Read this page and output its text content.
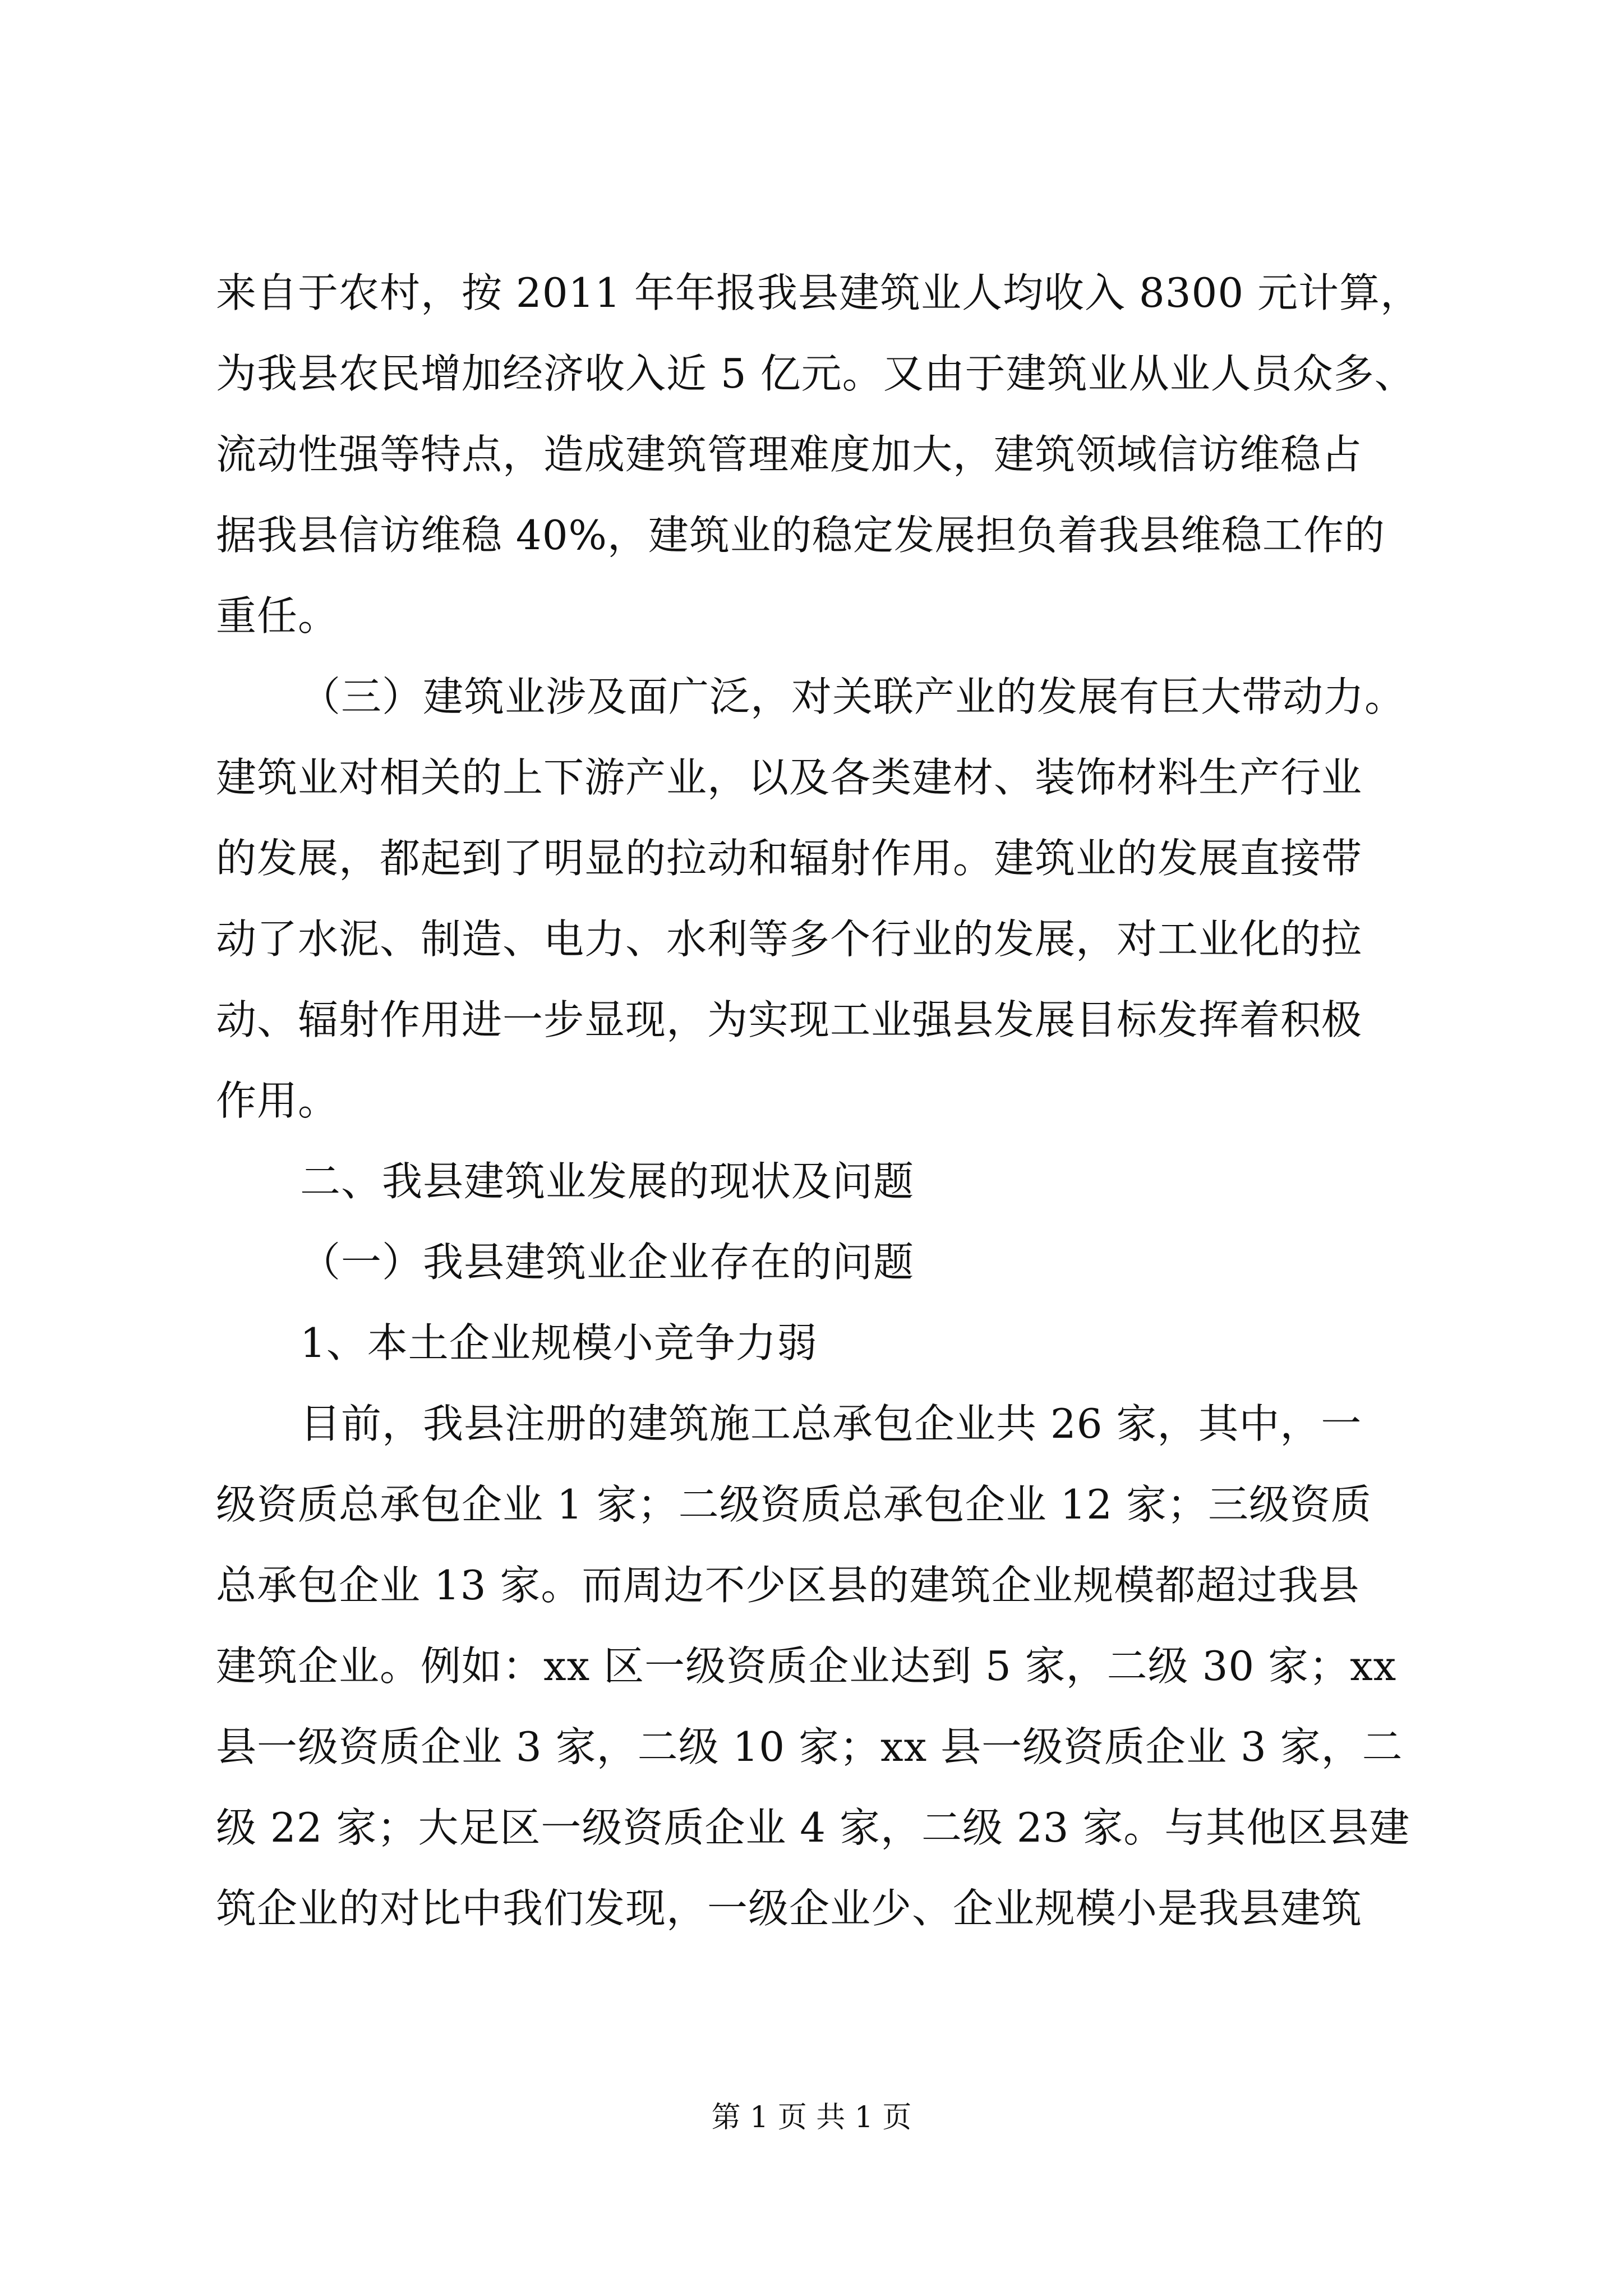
来自于农村，按 2011 年年报我县建筑业人均收入 8300 元计算，
为我县农民增加经济收入近 5 亿元。又由于建筑业从业人员众多、
流动性强等特点，造成建筑管理难度加大，建筑领域信访维稳占
据我县信访维稳 40%，建筑业的稳定发展担负着我县维稳工作的
重任。
（三）建筑业涉及面广泛，对关联产业的发展有巨大带动力。
建筑业对相关的上下游产业，以及各类建材、装饰材料生产行业
的发展，都起到了明显的拉动和辐射作用。建筑业的发展直接带
动了水泥、制造、电力、水利等多个行业的发展，对工业化的拉
动、辐射作用进一步显现，为实现工业强县发展目标发挥着积极
作用。
二、我县建筑业发展的现状及问题
（一）我县建筑业企业存在的问题
1、本土企业规模小竞争力弱
目前，我县注册的建筑施工总承包企业共 26 家，其中，一
级资质总承包企业 1 家；二级资质总承包企业 12 家；三级资质
总承包企业 13 家。而周边不少区县的建筑企业规模都超过我县
建筑企业。例如：xx 区一级资质企业达到 5 家，二级 30 家；xx
县一级资质企业 3 家，二级 10 家；xx 县一级资质企业 3 家，二
级 22 家；大足区一级资质企业 4 家，二级 23 家。与其他区县建
筑企业的对比中我们发现，一级企业少、企业规模小是我县建筑
第 1 页 共 1 页
